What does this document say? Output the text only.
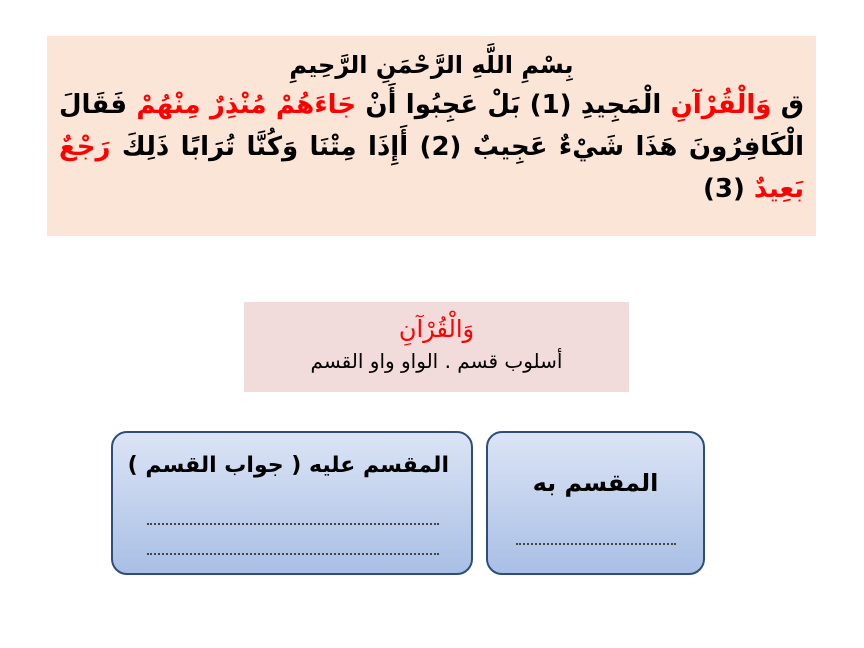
بِسْمِ اللَّهِ الرَّحْمَنِ الرَّحِيمِ
ق وَالْقُرْآنِ الْمَجِيدِ (1) بَلْ عَجِبُوا أَنْ جَاءَهُمْ مُنْذِرٌ مِنْهُمْ فَقَالَ الْكَافِرُونَ هَذَا شَيْءٌ عَجِيبٌ (2) أَإِذَا مِتْنَا وَكُنَّا تُرَابًا ذَلِكَ رَجْعٌ بَعِيدٌ (3)
وَالْقُرْآنِ
أسلوب قسم . الواو واو القسم
المقسم عليه ( جواب القسم )
المقسم به
